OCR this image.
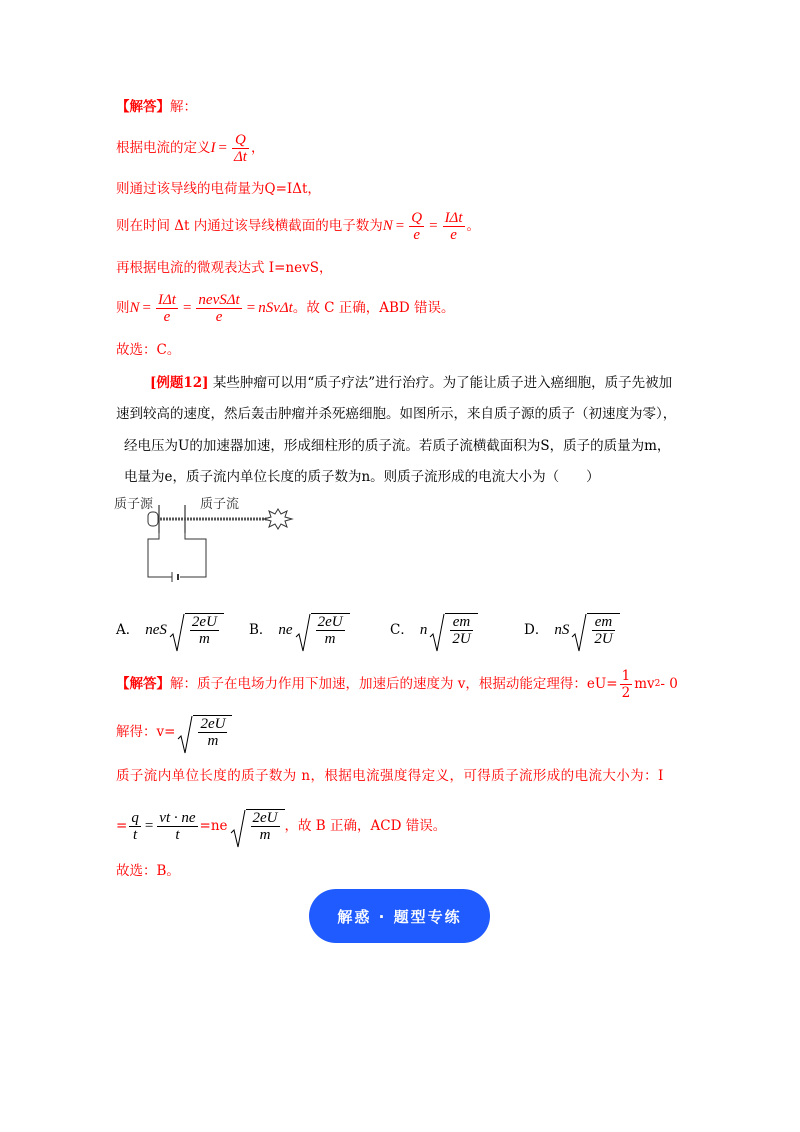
【解答】解：
根据电流的定义 $I = \frac{Q}{\Delta t}$ ，
则通过该导线的电荷量为Q=IΔt，
则在时间 Δt 内通过该导线横截面的电子数为 $N = \frac{Q}{e} = \frac{\text{IΔt}}{e}$ 。
再根据电流的微观表达式 I=nevS，
则 $N = \frac{\text{IΔt}}{e} = \frac{\text{nevSΔt}}{e} = nSv\Delta t$ 。故 C 正确，ABD 错误。
故选：C。
[例题12] 某些肿瘤可以用“质子疗法”进行治疗。为了能让质子进入癌细胞，质子先被加
速到较高的速度，然后轰击肿瘤并杀死癌细胞。如图所示，来自质子源的质子（初速度为零），
经电压为U的加速器加速，形成细柱形的质子流。若质子流横截面积为S，质子的质量为m，
电量为e，质子流内单位长度的质子数为n。则质子流形成的电流大小为（　　）
质子源	质子流
A． neS $\frac{2eU}{m}$ B． ne $\frac{2eU}{m}$	C． n $\frac{em}{2U}$	D． nS $\frac{em}{2U}$
【解答】 解：质子在电场力作用下加速，加速后的速度为 v，根据动能定理得：$eU= \frac{1}{2}$ mv 2 - 0
解得：$v= \frac{2eU}{m}$
质子流内单位长度的质子数为 n，根据电流强度得定义，可得质子流形成的电流大小为：I
= $\frac{q}{t} = \frac{vt \cdot ne}{t} =ne \frac{2eU}{m}$ ，故 B 正确，ACD 错误。
故选：B。
解惑 · 题型专练
